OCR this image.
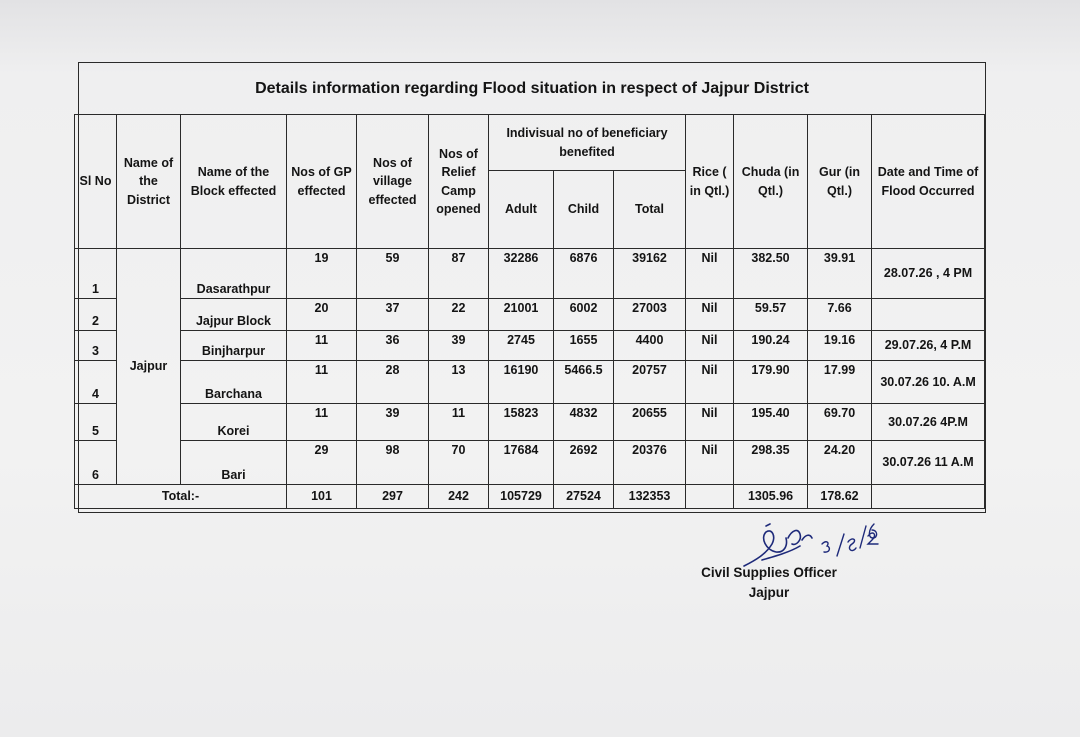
Details information regarding Flood situation in respect of Jajpur District
Sl No	Name of the District	Name of the Block effected	Nos of GP effected	Nos of village effected	Nos of Relief Camp opened	Indivisual no of beneficiary benefited			Rice ( in Qtl.)	Chuda (in Qtl.)	Gur (in Qtl.)	Date and Time of Flood Occurred
						Adult	Child	Total				
1	Jajpur	Dasarathpur	19	59	87	32286	6876	39162	Nil	382.50	39.91	28.07.26 , 4 PM
2		Jajpur Block	20	37	22	21001	6002	27003	Nil	59.57	7.66	
3		Binjharpur	11	36	39	2745	1655	4400	Nil	190.24	19.16	29.07.26, 4 P.M
4		Barchana	11	28	13	16190	5466.5	20757	Nil	179.90	17.99	30.07.26 10. A.M
5		Korei	11	39	11	15823	4832	20655	Nil	195.40	69.70	30.07.26 4P.M
6		Bari	29	98	70	17684	2692	20376	Nil	298.35	24.20	30.07.26 11 A.M
Total:-			101	297	242	105729	27524	132353		1305.96	178.62	
Civil Supplies Officer
Jajpur
